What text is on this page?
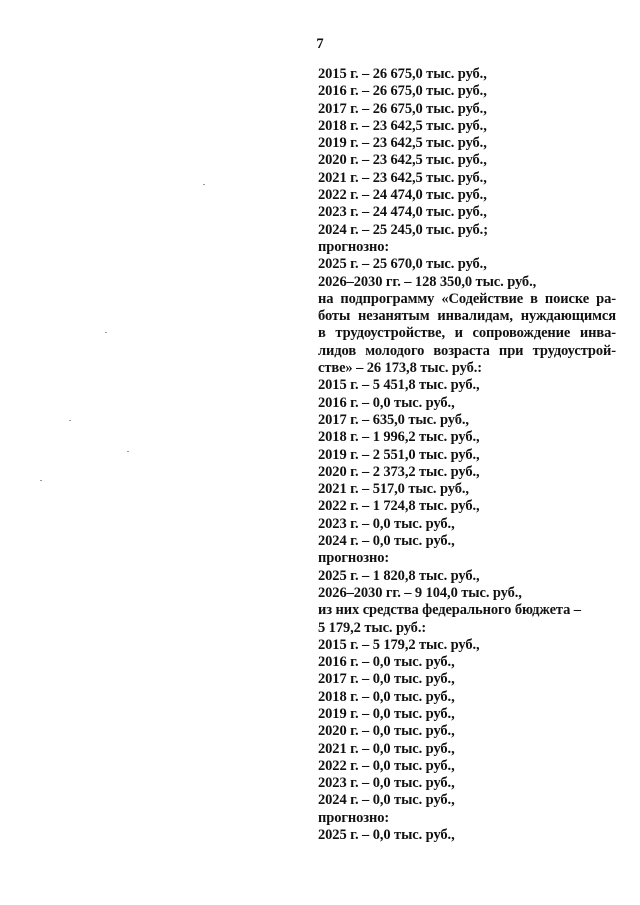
7
2015 г. – 26 675,0 тыс. руб.,
2016 г. – 26 675,0 тыс. руб.,
2017 г. – 26 675,0 тыс. руб.,
2018 г. – 23 642,5 тыс. руб.,
2019 г. – 23 642,5 тыс. руб.,
2020 г. – 23 642,5 тыс. руб.,
2021 г. – 23 642,5 тыс. руб.,
2022 г. – 24 474,0 тыс. руб.,
2023 г. – 24 474,0 тыс. руб.,
2024 г. – 25 245,0 тыс. руб.;
прогнозно:
2025 г. – 25 670,0 тыс. руб.,
2026–2030 гг. – 128 350,0 тыс. руб.,
на подпрограмму «Содействие в поиске ра-
боты незанятым инвалидам, нуждающимся
в трудоустройстве, и сопровождение инва-
лидов молодого возраста при трудоустрой-
стве» – 26 173,8 тыс. руб.:
2015 г. – 5 451,8 тыс. руб.,
2016 г. – 0,0 тыс. руб.,
2017 г. – 635,0 тыс. руб.,
2018 г. – 1 996,2 тыс. руб.,
2019 г. – 2 551,0 тыс. руб.,
2020 г. – 2 373,2 тыс. руб.,
2021 г. – 517,0 тыс. руб.,
2022 г. – 1 724,8 тыс. руб.,
2023 г. – 0,0 тыс. руб.,
2024 г. – 0,0 тыс. руб.,
прогнозно:
2025 г. – 1 820,8 тыс. руб.,
2026–2030 гг. – 9 104,0 тыс. руб.,
из них средства федерального бюджета –
5 179,2 тыс. руб.:
2015 г. – 5 179,2 тыс. руб.,
2016 г. – 0,0 тыс. руб.,
2017 г. – 0,0 тыс. руб.,
2018 г. – 0,0 тыс. руб.,
2019 г. – 0,0 тыс. руб.,
2020 г. – 0,0 тыс. руб.,
2021 г. – 0,0 тыс. руб.,
2022 г. – 0,0 тыс. руб.,
2023 г. – 0,0 тыс. руб.,
2024 г. – 0,0 тыс. руб.,
прогнозно:
2025 г. – 0,0 тыс. руб.,
